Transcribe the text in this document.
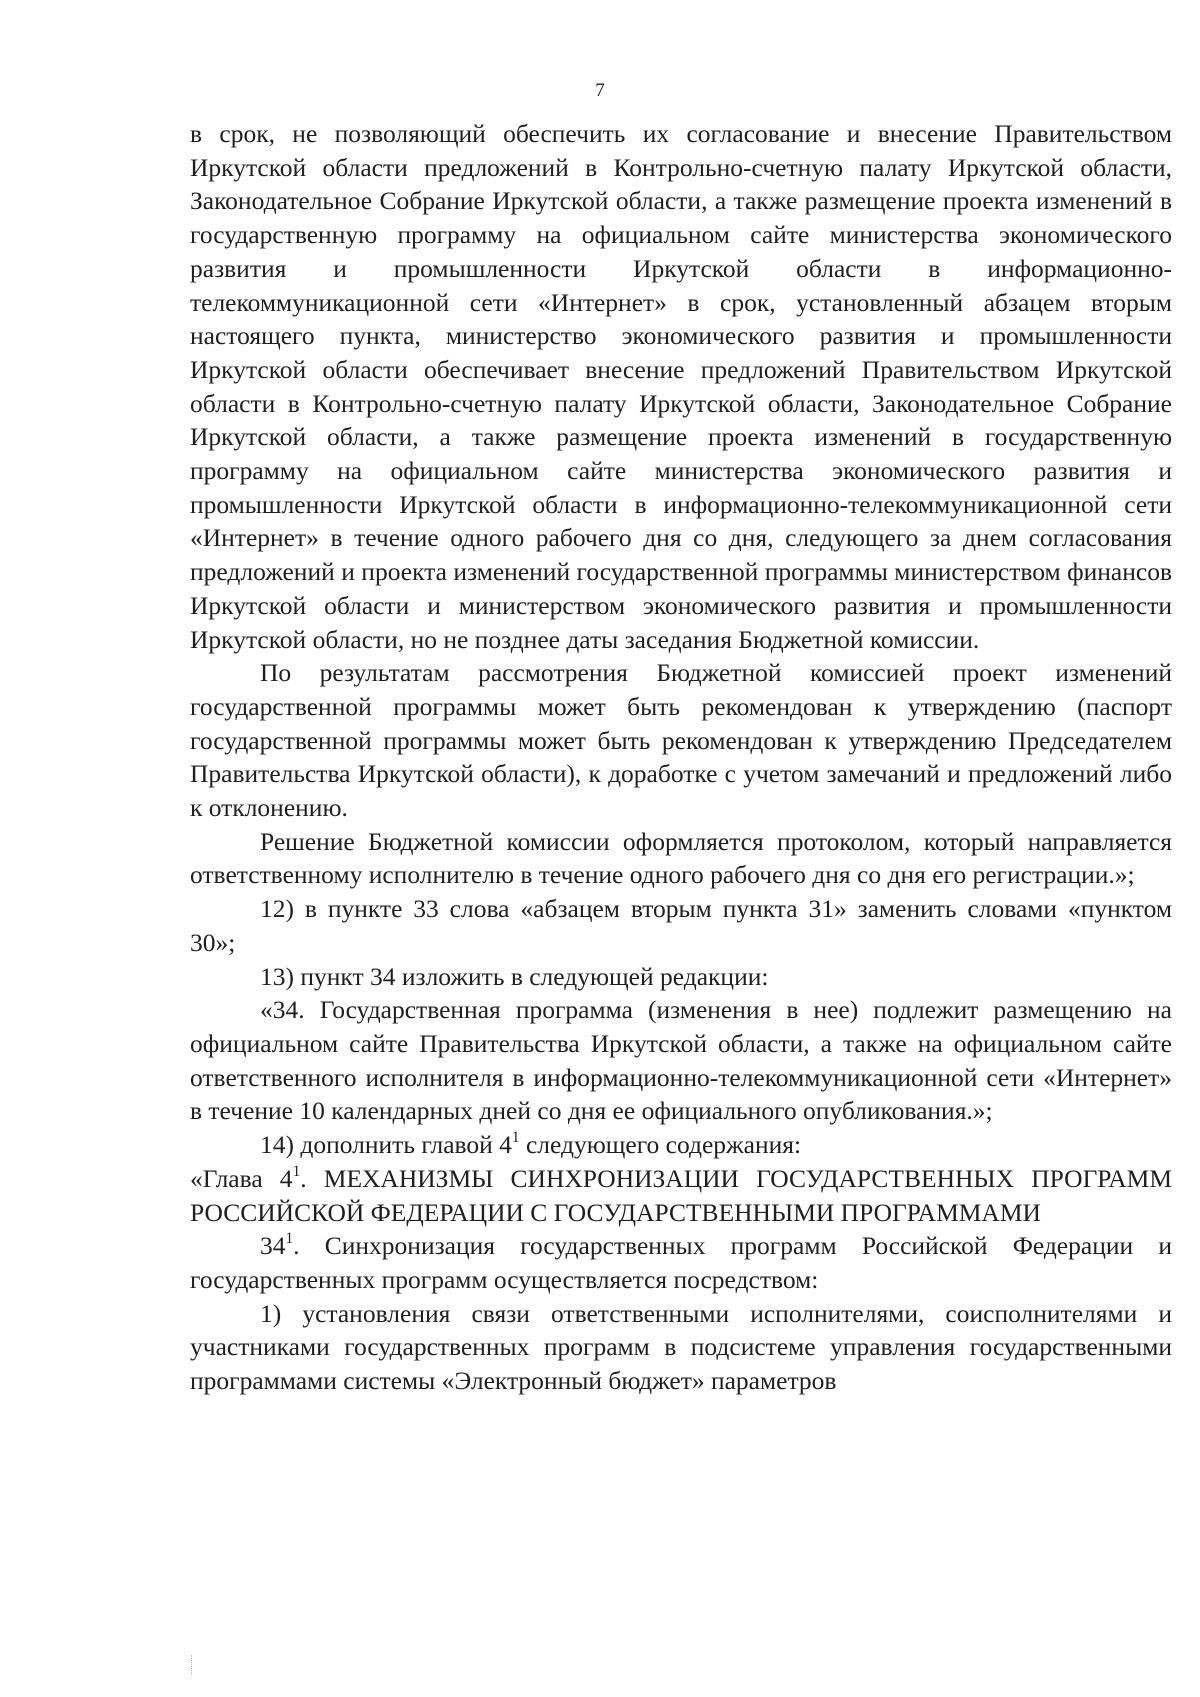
7

в срок, не позволяющий обеспечить их согласование и внесение Правительством Иркутской области предложений в Контрольно-счетную палату Иркутской области, Законодательное Собрание Иркутской области, а также размещение проекта изменений в государственную программу на официальном сайте министерства экономического развития и промышленности Иркутской области в информационно-телекоммуникационной сети «Интернет» в срок, установленный абзацем вторым настоящего пункта, министерство экономического развития и промышленности Иркутской области обеспечивает внесение предложений Правительством Иркутской области в Контрольно-счетную палату Иркутской области, Законодательное Собрание Иркутской области, а также размещение проекта изменений в государственную программу на официальном сайте министерства экономического развития и промышленности Иркутской области в информационно-телекоммуникационной сети «Интернет» в течение одного рабочего дня со дня, следующего за днем согласования предложений и проекта изменений государственной программы министерством финансов Иркутской области и министерством экономического развития и промышленности Иркутской области, но не позднее даты заседания Бюджетной комиссии.

По результатам рассмотрения Бюджетной комиссией проект изменений государственной программы может быть рекомендован к утверждению (паспорт государственной программы может быть рекомендован к утверждению Председателем Правительства Иркутской области), к доработке с учетом замечаний и предложений либо к отклонению.

Решение Бюджетной комиссии оформляется протоколом, который направляется ответственному исполнителю в течение одного рабочего дня со дня его регистрации.»;

12) в пункте 33 слова «абзацем вторым пункта 31» заменить словами «пунктом 30»;

13) пункт 34 изложить в следующей редакции:

«34. Государственная программа (изменения в нее) подлежит размещению на официальном сайте Правительства Иркутской области, а также на официальном сайте ответственного исполнителя в информационно-телекоммуникационной сети «Интернет» в течение 10 календарных дней со дня ее официального опубликования.»;

14) дополнить главой $4^1$ следующего содержания:

«Глава $4^1$. МЕХАНИЗМЫ СИНХРОНИЗАЦИИ ГОСУДАРСТВЕННЫХ ПРОГРАММ РОССИЙСКОЙ ФЕДЕРАЦИИ С ГОСУДАРСТВЕННЫМИ ПРОГРАММАМИ

$34^1$. Синхронизация государственных программ Российской Федерации и государственных программ осуществляется посредством:

1) установления связи ответственными исполнителями, соисполнителями и участниками государственных программ в подсистеме управления государственными программами системы «Электронный бюджет» параметров
